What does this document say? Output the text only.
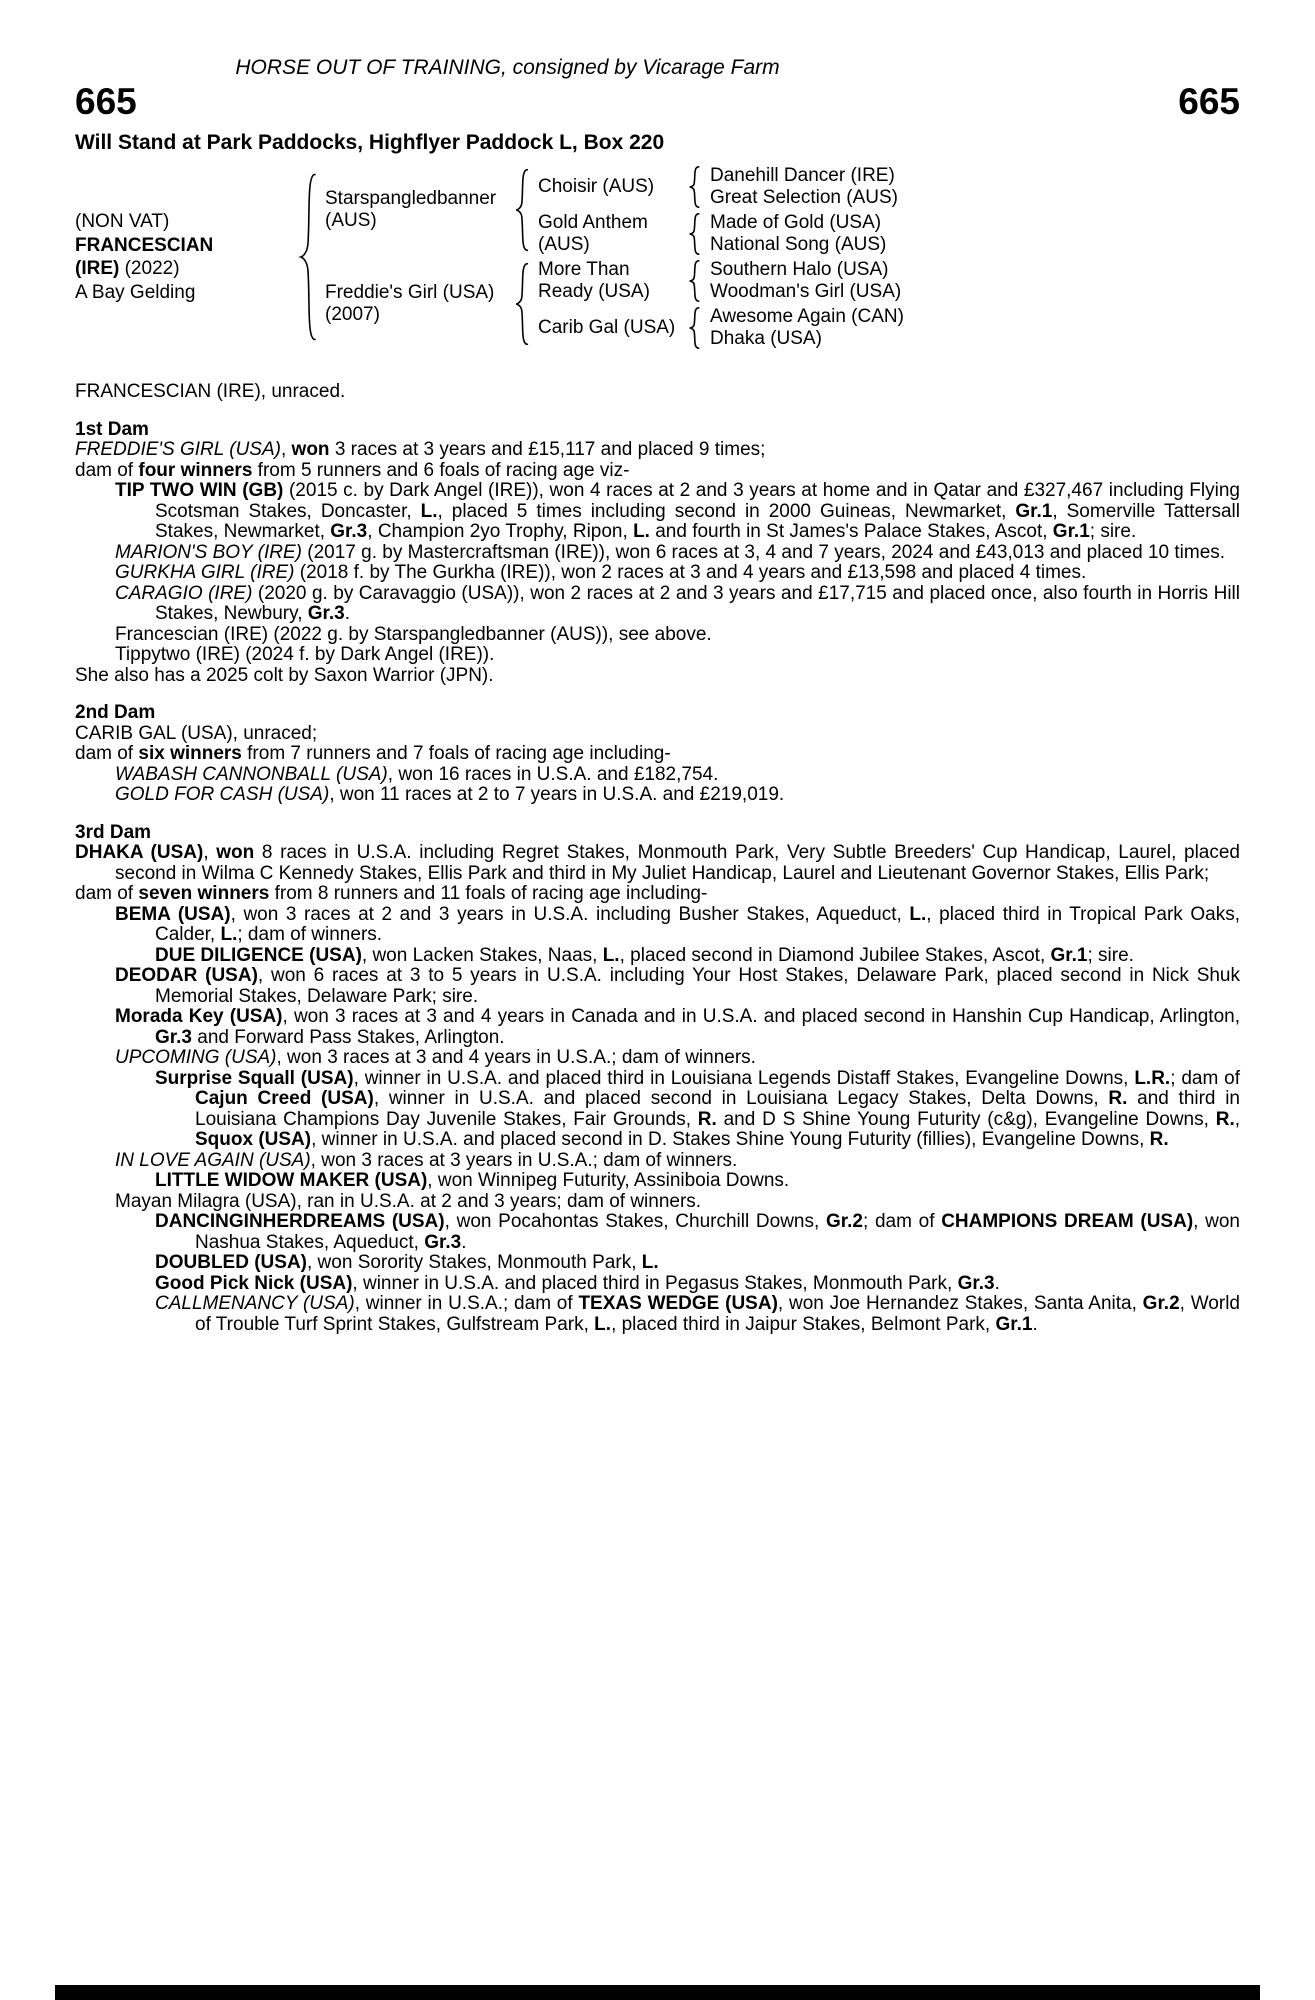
HORSE OUT OF TRAINING, consigned by Vicarage Farm
665	665
Will Stand at Park Paddocks, Highflyer Paddock L, Box 220
(NON VAT)
FRANCESCIAN
(IRE) (2022)
A Bay Gelding
Starspangledbanner (AUS)
Choisir (AUS)
Danehill Dancer (IRE)
Great Selection (AUS)
Gold Anthem (AUS)
Made of Gold (USA)
National Song (AUS)
Freddie's Girl (USA) (2007)
More Than Ready (USA)
Southern Halo (USA)
Woodman's Girl (USA)
Carib Gal (USA)
Awesome Again (CAN)
Dhaka (USA)

FRANCESCIAN (IRE), unraced.

1st Dam

FREDDIE'S GIRL (USA), won 3 races at 3 years and £15,117 and placed 9 times;

dam of four winners from 5 runners and 6 foals of racing age viz-

TIP TWO WIN (GB) (2015 c. by Dark Angel (IRE)), won 4 races at 2 and 3 years at home and in Qatar and £327,467 including Flying Scotsman Stakes, Doncaster, L., placed 5 times including second in 2000 Guineas, Newmarket, Gr.1, Somerville Tattersall Stakes, Newmarket, Gr.3, Champion 2yo Trophy, Ripon, L. and fourth in St James's Palace Stakes, Ascot, Gr.1; sire.

MARION'S BOY (IRE) (2017 g. by Mastercraftsman (IRE)), won 6 races at 3, 4 and 7 years, 2024 and £43,013 and placed 10 times.

GURKHA GIRL (IRE) (2018 f. by The Gurkha (IRE)), won 2 races at 3 and 4 years and £13,598 and placed 4 times.

CARAGIO (IRE) (2020 g. by Caravaggio (USA)), won 2 races at 2 and 3 years and £17,715 and placed once, also fourth in Horris Hill Stakes, Newbury, Gr.3.

Francescian (IRE) (2022 g. by Starspangledbanner (AUS)), see above.

Tippytwo (IRE) (2024 f. by Dark Angel (IRE)).

She also has a 2025 colt by Saxon Warrior (JPN).

2nd Dam

CARIB GAL (USA), unraced;

dam of six winners from 7 runners and 7 foals of racing age including-

WABASH CANNONBALL (USA), won 16 races in U.S.A. and £182,754.

GOLD FOR CASH (USA), won 11 races at 2 to 7 years in U.S.A. and £219,019.

3rd Dam

DHAKA (USA), won 8 races in U.S.A. including Regret Stakes, Monmouth Park, Very Subtle Breeders' Cup Handicap, Laurel, placed second in Wilma C Kennedy Stakes, Ellis Park and third in My Juliet Handicap, Laurel and Lieutenant Governor Stakes, Ellis Park;

dam of seven winners from 8 runners and 11 foals of racing age including-

BEMA (USA), won 3 races at 2 and 3 years in U.S.A. including Busher Stakes, Aqueduct, L., placed third in Tropical Park Oaks, Calder, L.; dam of winners.

DUE DILIGENCE (USA), won Lacken Stakes, Naas, L., placed second in Diamond Jubilee Stakes, Ascot, Gr.1; sire.

DEODAR (USA), won 6 races at 3 to 5 years in U.S.A. including Your Host Stakes, Delaware Park, placed second in Nick Shuk Memorial Stakes, Delaware Park; sire.

Morada Key (USA), won 3 races at 3 and 4 years in Canada and in U.S.A. and placed second in Hanshin Cup Handicap, Arlington, Gr.3 and Forward Pass Stakes, Arlington.

UPCOMING (USA), won 3 races at 3 and 4 years in U.S.A.; dam of winners.

Surprise Squall (USA), winner in U.S.A. and placed third in Louisiana Legends Distaff Stakes, Evangeline Downs, L.R.; dam of Cajun Creed (USA), winner in U.S.A. and placed second in Louisiana Legacy Stakes, Delta Downs, R. and third in Louisiana Champions Day Juvenile Stakes, Fair Grounds, R. and D S Shine Young Futurity (c&g), Evangeline Downs, R., Squox (USA), winner in U.S.A. and placed second in D. Stakes Shine Young Futurity (fillies), Evangeline Downs, R.

IN LOVE AGAIN (USA), won 3 races at 3 years in U.S.A.; dam of winners.

LITTLE WIDOW MAKER (USA), won Winnipeg Futurity, Assiniboia Downs.

Mayan Milagra (USA), ran in U.S.A. at 2 and 3 years; dam of winners.

DANCINGINHERDREAMS (USA), won Pocahontas Stakes, Churchill Downs, Gr.2; dam of CHAMPIONS DREAM (USA), won Nashua Stakes, Aqueduct, Gr.3.

DOUBLED (USA), won Sorority Stakes, Monmouth Park, L.

Good Pick Nick (USA), winner in U.S.A. and placed third in Pegasus Stakes, Monmouth Park, Gr.3.

CALLMENANCY (USA), winner in U.S.A.; dam of TEXAS WEDGE (USA), won Joe Hernandez Stakes, Santa Anita, Gr.2, World of Trouble Turf Sprint Stakes, Gulfstream Park, L., placed third in Jaipur Stakes, Belmont Park, Gr.1.
